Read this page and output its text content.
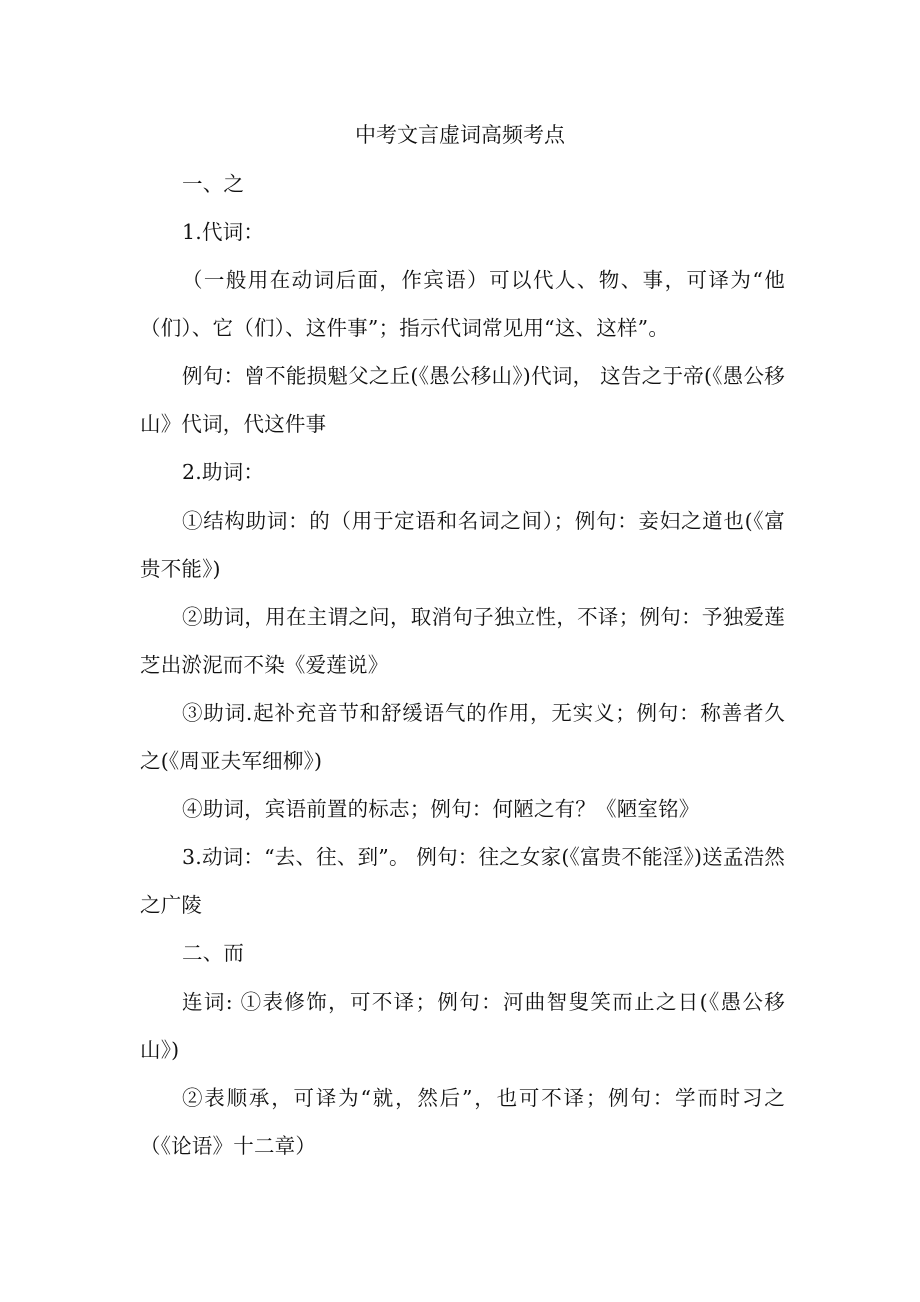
中考文言虚词高频考点

一、之

1.代词：

（一般用在动词后面，作宾语）可以代人、物、事，可译为“他（们）、它（们）、这件事”；指示代词常见用“这、这样”。

例句：曾不能损魁父之丘(《愚公移山》)代词， 这告之于帝(《愚公移山》代词，代这件事

2.助词：

①结构助词：的（用于定语和名词之间）；例句：妾妇之道也(《富贵不能》)

②助词，用在主谓之问，取消句子独立性，不译；例句：予独爱莲芝出淤泥而不染《爱莲说》

③助词.起补充音节和舒缓语气的作用，无实义；例句：称善者久之(《周亚夫军细柳》)

④助词，宾语前置的标志；例句：何陋之有？《陋室铭》

3.动词：“去、往、到”。 例句：往之女家(《富贵不能淫》)送孟浩然之广陵

二、而

连词: ①表修饰，可不译；例句：河曲智叟笑而止之日(《愚公移山》)

②表顺承，可译为“就，然后”，也可不译；例句：学而时习之（《论语》十二章）
